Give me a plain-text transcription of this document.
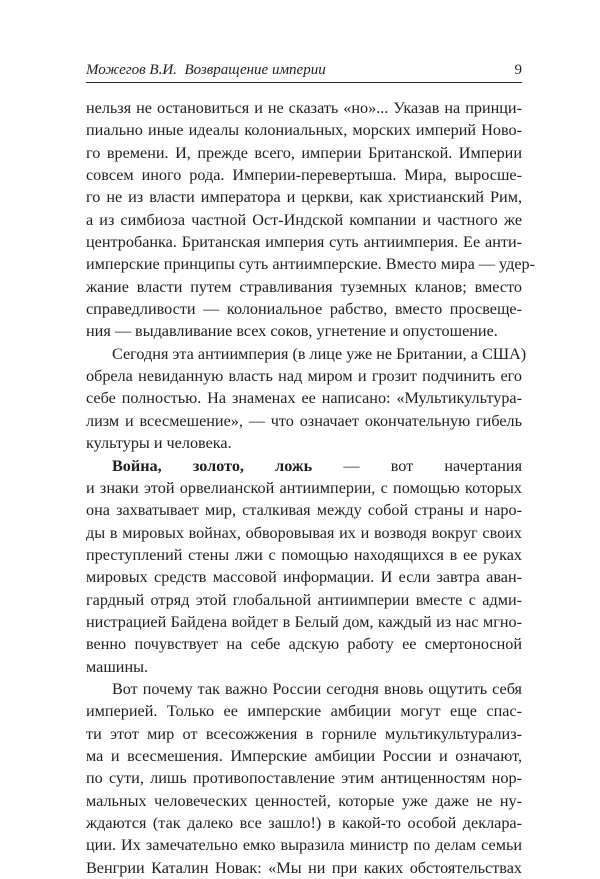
Можегов В.И. Возвращение империи	9
нельзя не остановиться и не сказать «но»... Указав на принци-
пиально иные идеалы колониальных, морских империй Ново-
го времени. И, прежде всего, империи Британской. Империи
совсем иного рода. Империи-перевертыша. Мира, выросше-
го не из власти императора и церкви, как христианский Рим,
а из симбиоза частной Ост-Индской компании и частного же
центробанка. Британская империя суть антиимперия. Ее анти-
имперские принципы суть антиимперские. Вместо мира — удер-
жание власти путем стравливания туземных кланов; вместо
справедливости — колониальное рабство, вместо просвеще-
ния — выдавливание всех соков, угнетение и опустошение.
Сегодня эта антиимперия (в лице уже не Британии, а США)
обрела невиданную власть над миром и грозит подчинить его
себе полностью. На знаменах ее написано: «Мультикультура-
лизм и всесмешение», — что означает окончательную гибель
культуры и человека.
Война, золото, ложь — вот начертания
и знаки этой орвелианской антиимперии, с помощью которых
она захватывает мир, сталкивая между собой страны и наро-
ды в мировых войнах, обворовывая их и возводя вокруг своих
преступлений стены лжи с помощью находящихся в ее руках
мировых средств массовой информации. И если завтра аван-
гардный отряд этой глобальной антиимперии вместе с адми-
нистрацией Байдена войдет в Белый дом, каждый из нас мгно-
венно почувствует на себе адскую работу ее смертоносной
машины.
Вот почему так важно России сегодня вновь ощутить себя
империей. Только ее имперские амбиции могут еще спас-
ти этот мир от всесожжения в горниле мультикультурализ-
ма и всесмешения. Имперские амбиции России и означают,
по сути, лишь противопоставление этим антиценностям нор-
мальных человеческих ценностей, которые уже даже не ну-
ждаются (так далеко все зашло!) в какой-то особой деклара-
ции. Их замечательно емко выразила министр по делам семьи
Венгрии Каталин Новак: «Мы ни при каких обстоятельствах
